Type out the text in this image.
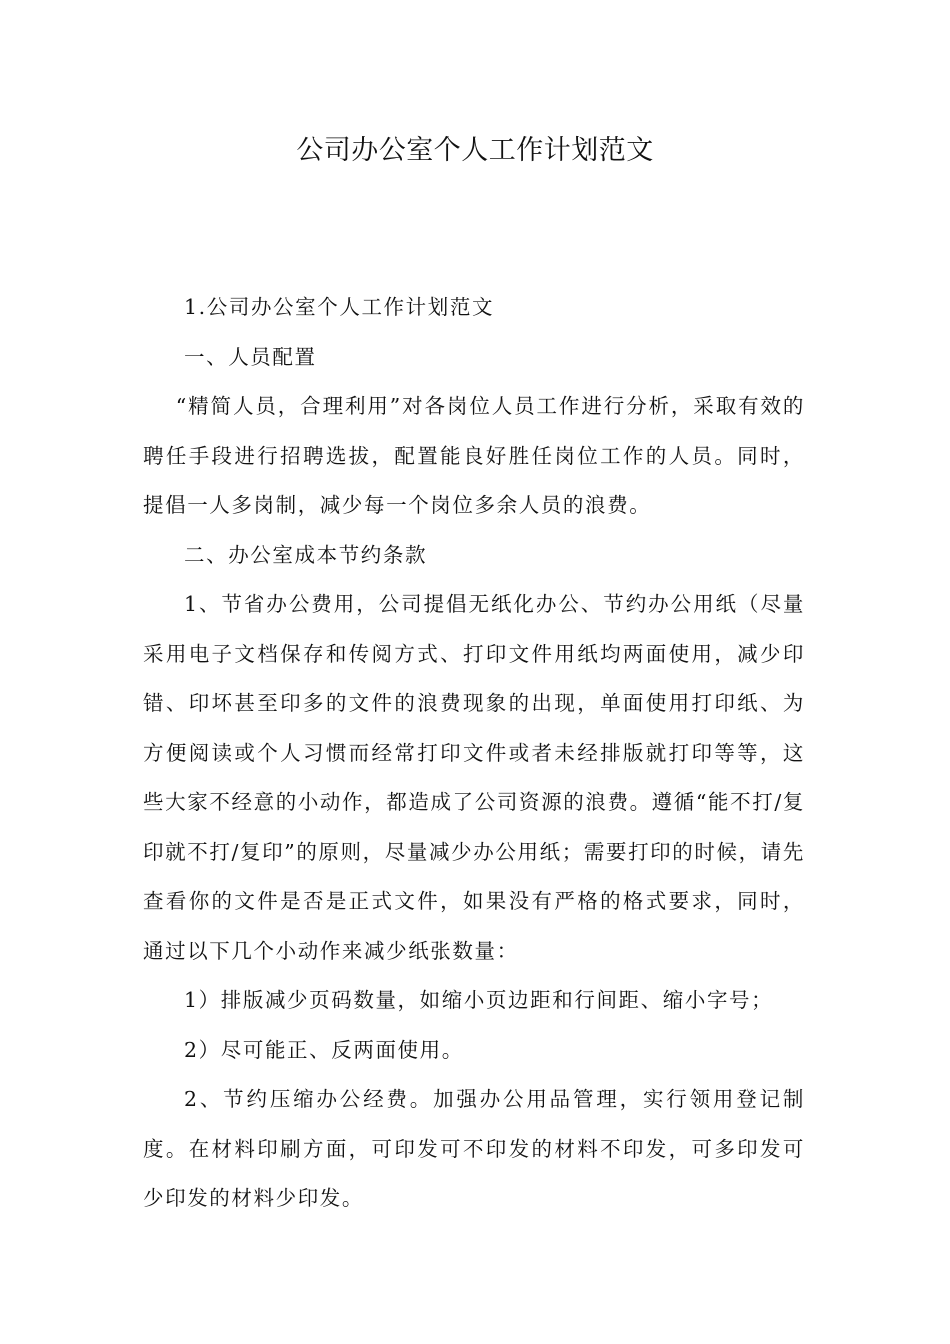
公司办公室个人工作计划范文

1.公司办公室个人工作计划范文

一、人员配置

“精简人员，合理利用”对各岗位人员工作进行分析，采取有效的聘任手段进行招聘选拔，配置能良好胜任岗位工作的人员。同时，提倡一人多岗制，减少每一个岗位多余人员的浪费。

二、办公室成本节约条款

1、节省办公费用，公司提倡无纸化办公、节约办公用纸（尽量采用电子文档保存和传阅方式、打印文件用纸均两面使用，减少印错、印坏甚至印多的文件的浪费现象的出现，单面使用打印纸、为方便阅读或个人习惯而经常打印文件或者未经排版就打印等等，这些大家不经意的小动作，都造成了公司资源的浪费。遵循“能不打/复印就不打/复印”的原则，尽量减少办公用纸；需要打印的时候，请先查看你的文件是否是正式文件，如果没有严格的格式要求，同时，通过以下几个小动作来减少纸张数量：

1）排版减少页码数量，如缩小页边距和行间距、缩小字号；

2）尽可能正、反两面使用。

2、节约压缩办公经费。加强办公用品管理，实行领用登记制度。在材料印刷方面，可印发可不印发的材料不印发，可多印发可少印发的材料少印发。
